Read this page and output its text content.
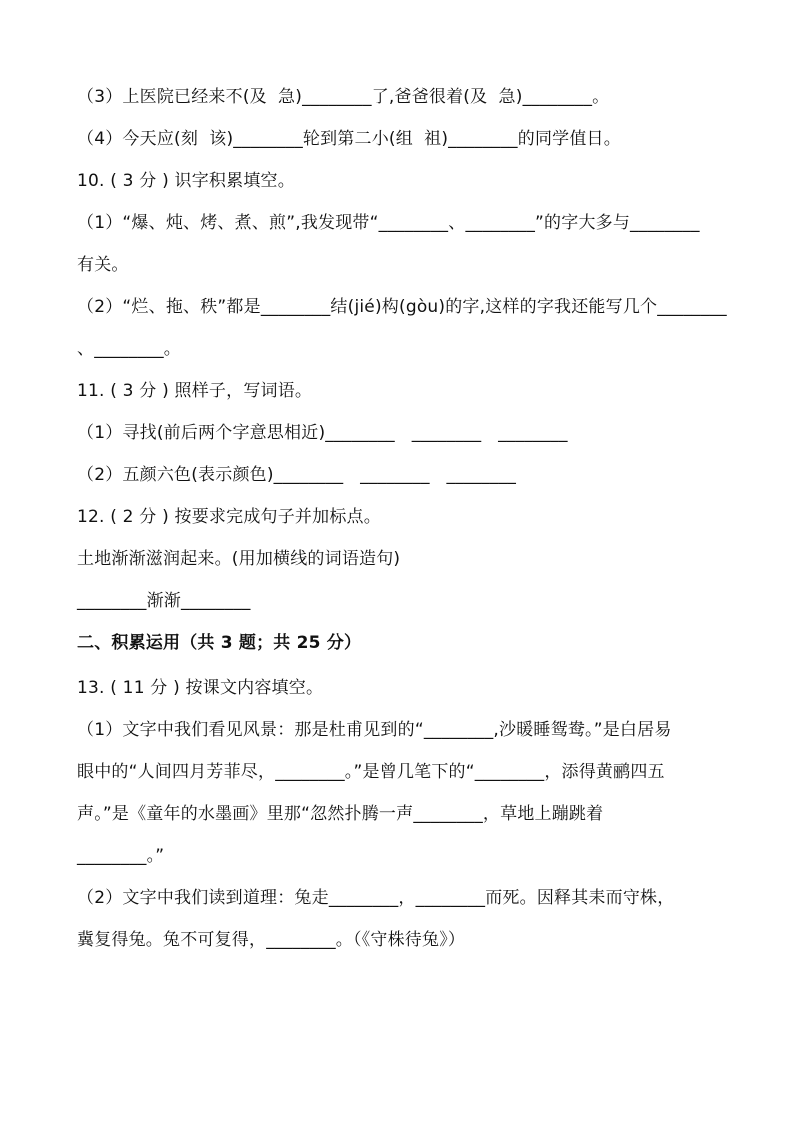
（3）上医院已经来不(及  急)________了,爸爸很着(及  急)________。
（4）今天应(刻  该)________轮到第二小(组  祖)________的同学值日。
10. ( 3 分 ) 识字积累填空。
（1）“爆、炖、烤、煮、煎”,我发现带“________、________”的字大多与________
有关。
（2）“烂、拖、秩”都是________结(jié)构(gòu)的字,这样的字我还能写几个________
、________。
11. ( 3 分 ) 照样子，写词语。
（1）寻找(前后两个字意思相近)________   ________   ________
（2）五颜六色(表示颜色)________   ________   ________
12. ( 2 分 ) 按要求完成句子并加标点。
土地渐渐滋润起来。(用加横线的词语造句)
________渐渐________
二、积累运用（共 3 题；共 25 分）
13. ( 11 分 ) 按课文内容填空。
（1）文字中我们看见风景：那是杜甫见到的“________,沙暖睡鸳鸯。”是白居易
眼中的“人间四月芳菲尽，________。”是曾几笔下的“________，添得黄鹂四五
声。”是《童年的水墨画》里那“忽然扑腾一声________，草地上蹦跳着
________。”
（2）文字中我们读到道理：兔走________，________而死。因释其耒而守株，
冀复得兔。兔不可复得，________。（《守株待兔》）
